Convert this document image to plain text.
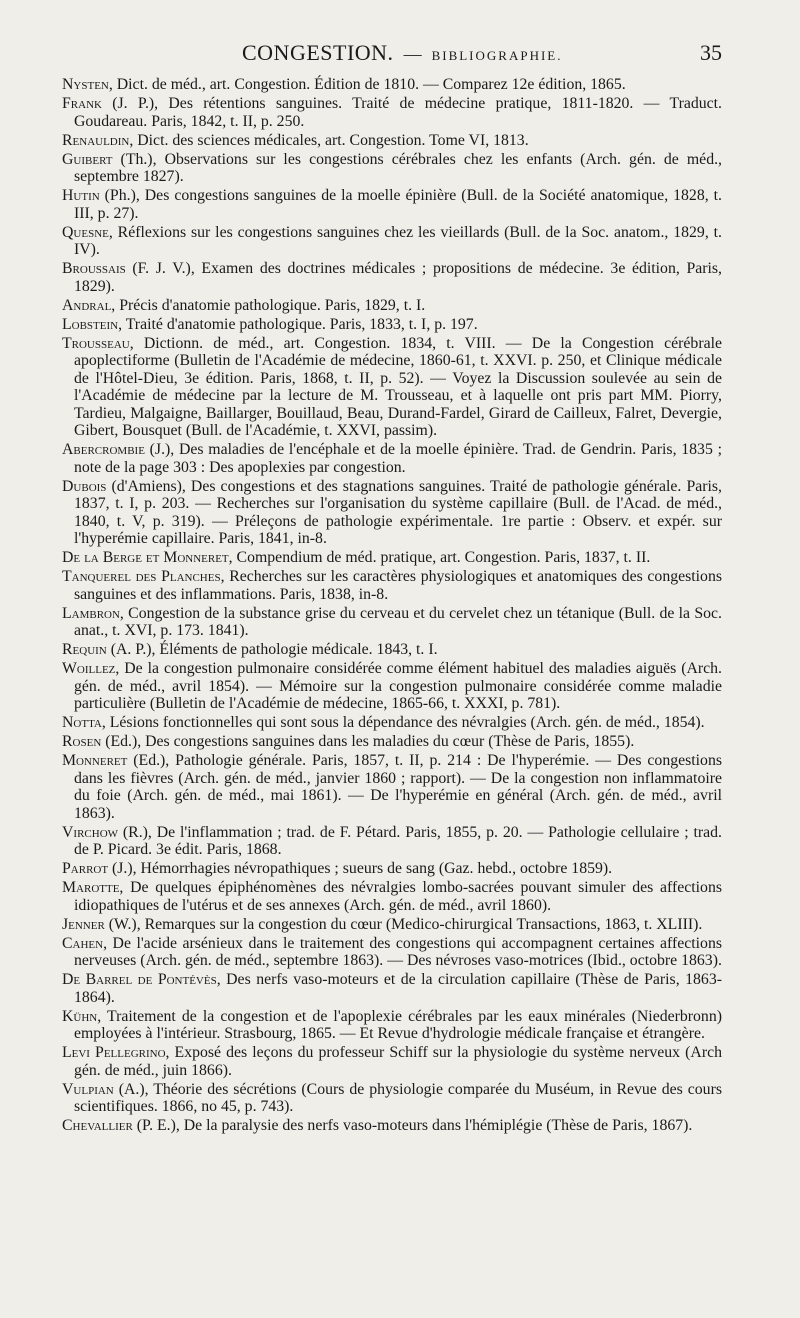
CONGESTION. — BIBLIOGRAPHIE.	35

Nysten, Dict. de méd., art. Congestion. Édition de 1810. — Comparez 12e édition, 1865.

Frank (J. P.), Des rétentions sanguines. Traité de médecine pratique, 1811-1820. — Traduct. Goudareau. Paris, 1842, t. II, p. 250.

Renauldin, Dict. des sciences médicales, art. Congestion. Tome VI, 1813.

Guibert (Th.), Observations sur les congestions cérébrales chez les enfants (Arch. gén. de méd., septembre 1827).

Hutin (Ph.), Des congestions sanguines de la moelle épinière (Bull. de la Société anatomique, 1828, t. III, p. 27).

Quesne, Réflexions sur les congestions sanguines chez les vieillards (Bull. de la Soc. anatom., 1829, t. IV).

Broussais (F. J. V.), Examen des doctrines médicales ; propositions de médecine. 3e édition, Paris, 1829).

Andral, Précis d'anatomie pathologique. Paris, 1829, t. I.

Lobstein, Traité d'anatomie pathologique. Paris, 1833, t. I, p. 197.

Trousseau, Dictionn. de méd., art. Congestion. 1834, t. VIII. — De la Congestion cérébrale apoplectiforme (Bulletin de l'Académie de médecine, 1860-61, t. XXVI. p. 250, et Clinique médicale de l'Hôtel-Dieu, 3e édition. Paris, 1868, t. II, p. 52). — Voyez la Discussion soulevée au sein de l'Académie de médecine par la lecture de M. Trousseau, et à laquelle ont pris part MM. Piorry, Tardieu, Malgaigne, Baillarger, Bouillaud, Beau, Durand-Fardel, Girard de Cailleux, Falret, Devergie, Gibert, Bousquet (Bull. de l'Académie, t. XXVI, passim).

Abercrombie (J.), Des maladies de l'encéphale et de la moelle épinière. Trad. de Gendrin. Paris, 1835 ; note de la page 303 : Des apoplexies par congestion.

Dubois (d'Amiens), Des congestions et des stagnations sanguines. Traité de pathologie générale. Paris, 1837, t. I, p. 203. — Recherches sur l'organisation du système capillaire (Bull. de l'Acad. de méd., 1840, t. V, p. 319). — Préleçons de pathologie expérimentale. 1re partie : Observ. et expér. sur l'hyperémie capillaire. Paris, 1841, in-8.

De la Berge et Monneret, Compendium de méd. pratique, art. Congestion. Paris, 1837, t. II.

Tanquerel des Planches, Recherches sur les caractères physiologiques et anatomiques des congestions sanguines et des inflammations. Paris, 1838, in-8.

Lambron, Congestion de la substance grise du cerveau et du cervelet chez un tétanique (Bull. de la Soc. anat., t. XVI, p. 173. 1841).

Requin (A. P.), Éléments de pathologie médicale. 1843, t. I.

Woillez, De la congestion pulmonaire considérée comme élément habituel des maladies aiguës (Arch. gén. de méd., avril 1854). — Mémoire sur la congestion pulmonaire considérée comme maladie particulière (Bulletin de l'Académie de médecine, 1865-66, t. XXXI, p. 781).

Notta, Lésions fonctionnelles qui sont sous la dépendance des névralgies (Arch. gén. de méd., 1854).

Rosen (Ed.), Des congestions sanguines dans les maladies du cœur (Thèse de Paris, 1855).

Monneret (Ed.), Pathologie générale. Paris, 1857, t. II, p. 214 : De l'hyperémie. — Des congestions dans les fièvres (Arch. gén. de méd., janvier 1860 ; rapport). — De la congestion non inflammatoire du foie (Arch. gén. de méd., mai 1861). — De l'hyperémie en général (Arch. gén. de méd., avril 1863).

Virchow (R.), De l'inflammation ; trad. de F. Pétard. Paris, 1855, p. 20. — Pathologie cellulaire ; trad. de P. Picard. 3e édit. Paris, 1868.

Parrot (J.), Hémorrhagies névropathiques ; sueurs de sang (Gaz. hebd., octobre 1859).

Marotte, De quelques épiphénomènes des névralgies lombo-sacrées pouvant simuler des affections idiopathiques de l'utérus et de ses annexes (Arch. gén. de méd., avril 1860).

Jenner (W.), Remarques sur la congestion du cœur (Medico-chirurgical Transactions, 1863, t. XLIII).

Cahen, De l'acide arsénieux dans le traitement des congestions qui accompagnent certaines affections nerveuses (Arch. gén. de méd., septembre 1863). — Des névroses vaso-motrices (Ibid., octobre 1863).

De Barrel de Pontévès, Des nerfs vaso-moteurs et de la circulation capillaire (Thèse de Paris, 1863-1864).

Kühn, Traitement de la congestion et de l'apoplexie cérébrales par les eaux minérales (Niederbronn) employées à l'intérieur. Strasbourg, 1865. — Et Revue d'hydrologie médicale française et étrangère.

Levi Pellegrino, Exposé des leçons du professeur Schiff sur la physiologie du système nerveux (Arch gén. de méd., juin 1866).

Vulpian (A.), Théorie des sécrétions (Cours de physiologie comparée du Muséum, in Revue des cours scientifiques. 1866, no 45, p. 743).

Chevallier (P. E.), De la paralysie des nerfs vaso-moteurs dans l'hémiplégie (Thèse de Paris, 1867).
